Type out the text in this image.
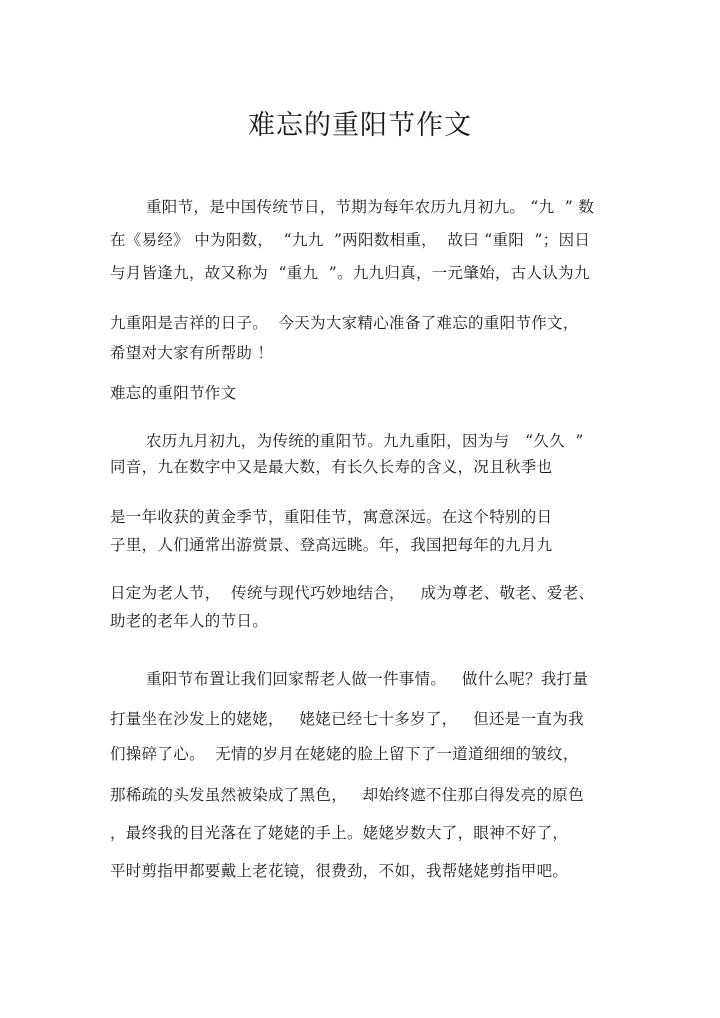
难忘的重阳节作文
重阳节，是中国传统节日，节期为每年农历九月初九。 “九  ” 数
在《易经》 中为阳数，  “九九  ”两阳数相重，  故曰 “重阳  ”；因日
与月皆逢九，故又称为  “重九  ”。九九归真，一元肇始，古人认为九
九重阳是吉祥的日子。  今天为大家精心准备了难忘的重阳节作文，
希望对大家有所帮助 ！
难忘的重阳节作文
农历九月初九，为传统的重阳节。九九重阳，因为与   “久久  ”
同音，九在数字中又是最大数，有长久长寿的含义，况且秋季也
是一年收获的黄金季节，重阳佳节，寓意深远。在这个特别的日
子里，人们通常出游赏景、登高远眺。年，我国把每年的九月九
日定为老人节，  传统与现代巧妙地结合，   成为尊老、敬老、爱老、
助老的老年人的节日。
重阳节布置让我们回家帮老人做一件事情。   做什么呢？我打量
打量坐在沙发上的姥姥，   姥姥已经七十多岁了，   但还是一直为我
们操碎了心。  无情的岁月在姥姥的脸上留下了一道道细细的皱纹，
那稀疏的头发虽然被染成了黑色，   却始终遮不住那白得发亮的原色
，最终我的目光落在了姥姥的手上。姥姥岁数大了，眼神不好了，
平时剪指甲都要戴上老花镜，很费劲，不如，我帮姥姥剪指甲吧。
